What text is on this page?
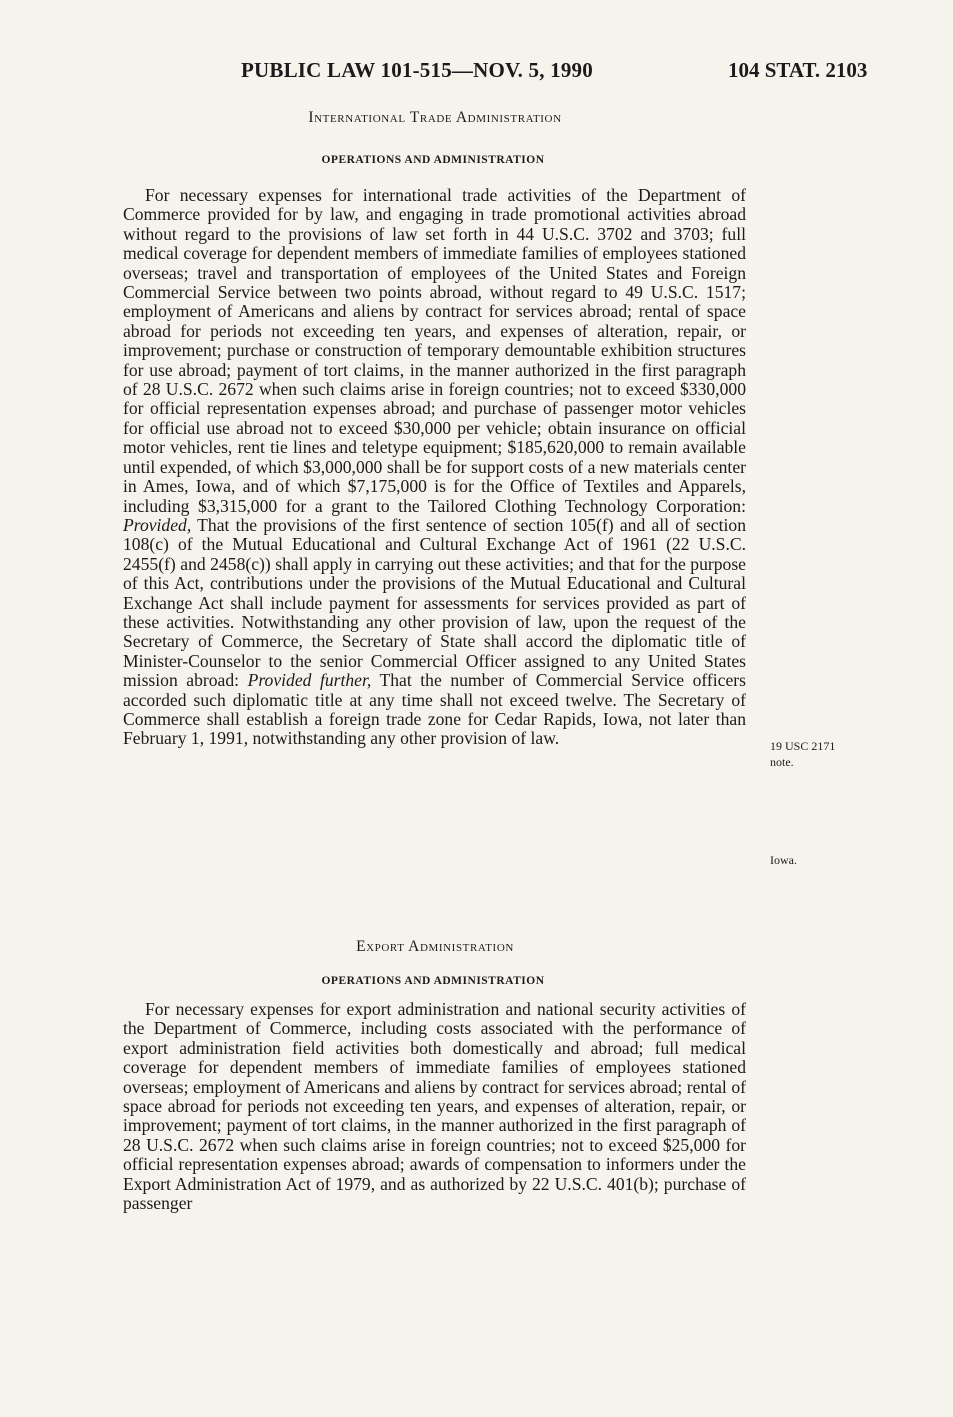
PUBLIC LAW 101-515—NOV. 5, 1990	104 STAT. 2103
International Trade Administration
OPERATIONS AND ADMINISTRATION

For necessary expenses for international trade activities of the Department of Commerce provided for by law, and engaging in trade promotional activities abroad without regard to the provisions of law set forth in 44 U.S.C. 3702 and 3703; full medical coverage for dependent members of immediate families of employees stationed overseas; travel and transportation of employees of the United States and Foreign Commercial Service between two points abroad, without regard to 49 U.S.C. 1517; employment of Americans and aliens by contract for services abroad; rental of space abroad for periods not exceeding ten years, and expenses of alteration, repair, or improvement; purchase or construction of temporary demountable exhibition structures for use abroad; payment of tort claims, in the manner authorized in the first paragraph of 28 U.S.C. 2672 when such claims arise in foreign countries; not to exceed $330,000 for official representation expenses abroad; and purchase of passenger motor vehicles for official use abroad not to exceed $30,000 per vehicle; obtain insurance on official motor vehicles, rent tie lines and teletype equipment; $185,620,000 to remain available until expended, of which $3,000,000 shall be for support costs of a new materials center in Ames, Iowa, and of which $7,175,000 is for the Office of Textiles and Apparels, including $3,315,000 for a grant to the Tailored Clothing Technology Corporation: Provided, That the provisions of the first sentence of section 105(f) and all of section 108(c) of the Mutual Educational and Cultural Exchange Act of 1961 (22 U.S.C. 2455(f) and 2458(c)) shall apply in carrying out these activities; and that for the purpose of this Act, contributions under the provisions of the Mutual Educational and Cultural Exchange Act shall include payment for assessments for services provided as part of these activities. Notwithstanding any other provision of law, upon the request of the Secretary of Commerce, the Secretary of State shall accord the diplomatic title of Minister-Counselor to the senior Commercial Officer assigned to any United States mission abroad: Provided further, That the number of Commercial Service officers accorded such diplomatic title at any time shall not exceed twelve. The Secretary of Commerce shall establish a foreign trade zone for Cedar Rapids, Iowa, not later than February 1, 1991, notwithstanding any other provision of law.	19 USC 2171
note.
Iowa.
Export Administration
OPERATIONS AND ADMINISTRATION

For necessary expenses for export administration and national security activities of the Department of Commerce, including costs associated with the performance of export administration field activities both domestically and abroad; full medical coverage for dependent members of immediate families of employees stationed overseas; employment of Americans and aliens by contract for services abroad; rental of space abroad for periods not exceeding ten years, and expenses of alteration, repair, or improvement; payment of tort claims, in the manner authorized in the first paragraph of 28 U.S.C. 2672 when such claims arise in foreign countries; not to exceed $25,000 for official representation expenses abroad; awards of compensation to informers under the Export Administration Act of 1979, and as authorized by 22 U.S.C. 401(b); purchase of passenger
